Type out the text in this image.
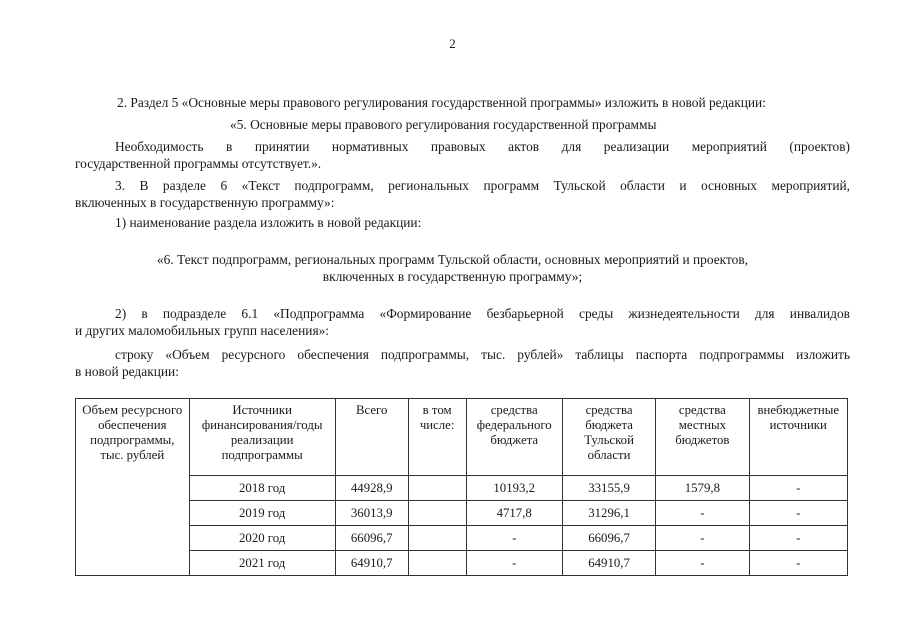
2
2. Раздел 5 «Основные меры правового регулирования государственной программы» изложить в новой редакции:
«5. Основные меры правового регулирования государственной программы
Необходимость в принятии нормативных правовых актов для реализации мероприятий (проектов)
государственной программы отсутствует.».
3. В разделе 6 «Текст подпрограмм, региональных программ Тульской области и основных мероприятий,
включенных в государственную программу»:
1) наименование раздела изложить в новой редакции:
«6. Текст подпрограмм, региональных программ Тульской области, основных мероприятий и проектов,
включенных в государственную программу»;
2) в подразделе 6.1 «Подпрограмма «Формирование безбарьерной среды жизнедеятельности для инвалидов
и других маломобильных групп населения»:
строку «Объем ресурсного обеспечения подпрограммы, тыс. рублей» таблицы паспорта подпрограммы изложить
в новой редакции:
Объем ресурсного обеспечения подпрограммы, тыс. рублей	Источники финансирования/годы реализации подпрограммы	Всего	в том числе:	средства федерального бюджета	средства бюджета Тульской области	средства местных бюджетов	внебюджетные источники
	2018 год	44928,9		10193,2	33155,9	1579,8	-
	2019 год	36013,9		4717,8	31296,1	-	-
	2020 год	66096,7		-	66096,7	-	-
	2021 год	64910,7		-	64910,7	-	-
